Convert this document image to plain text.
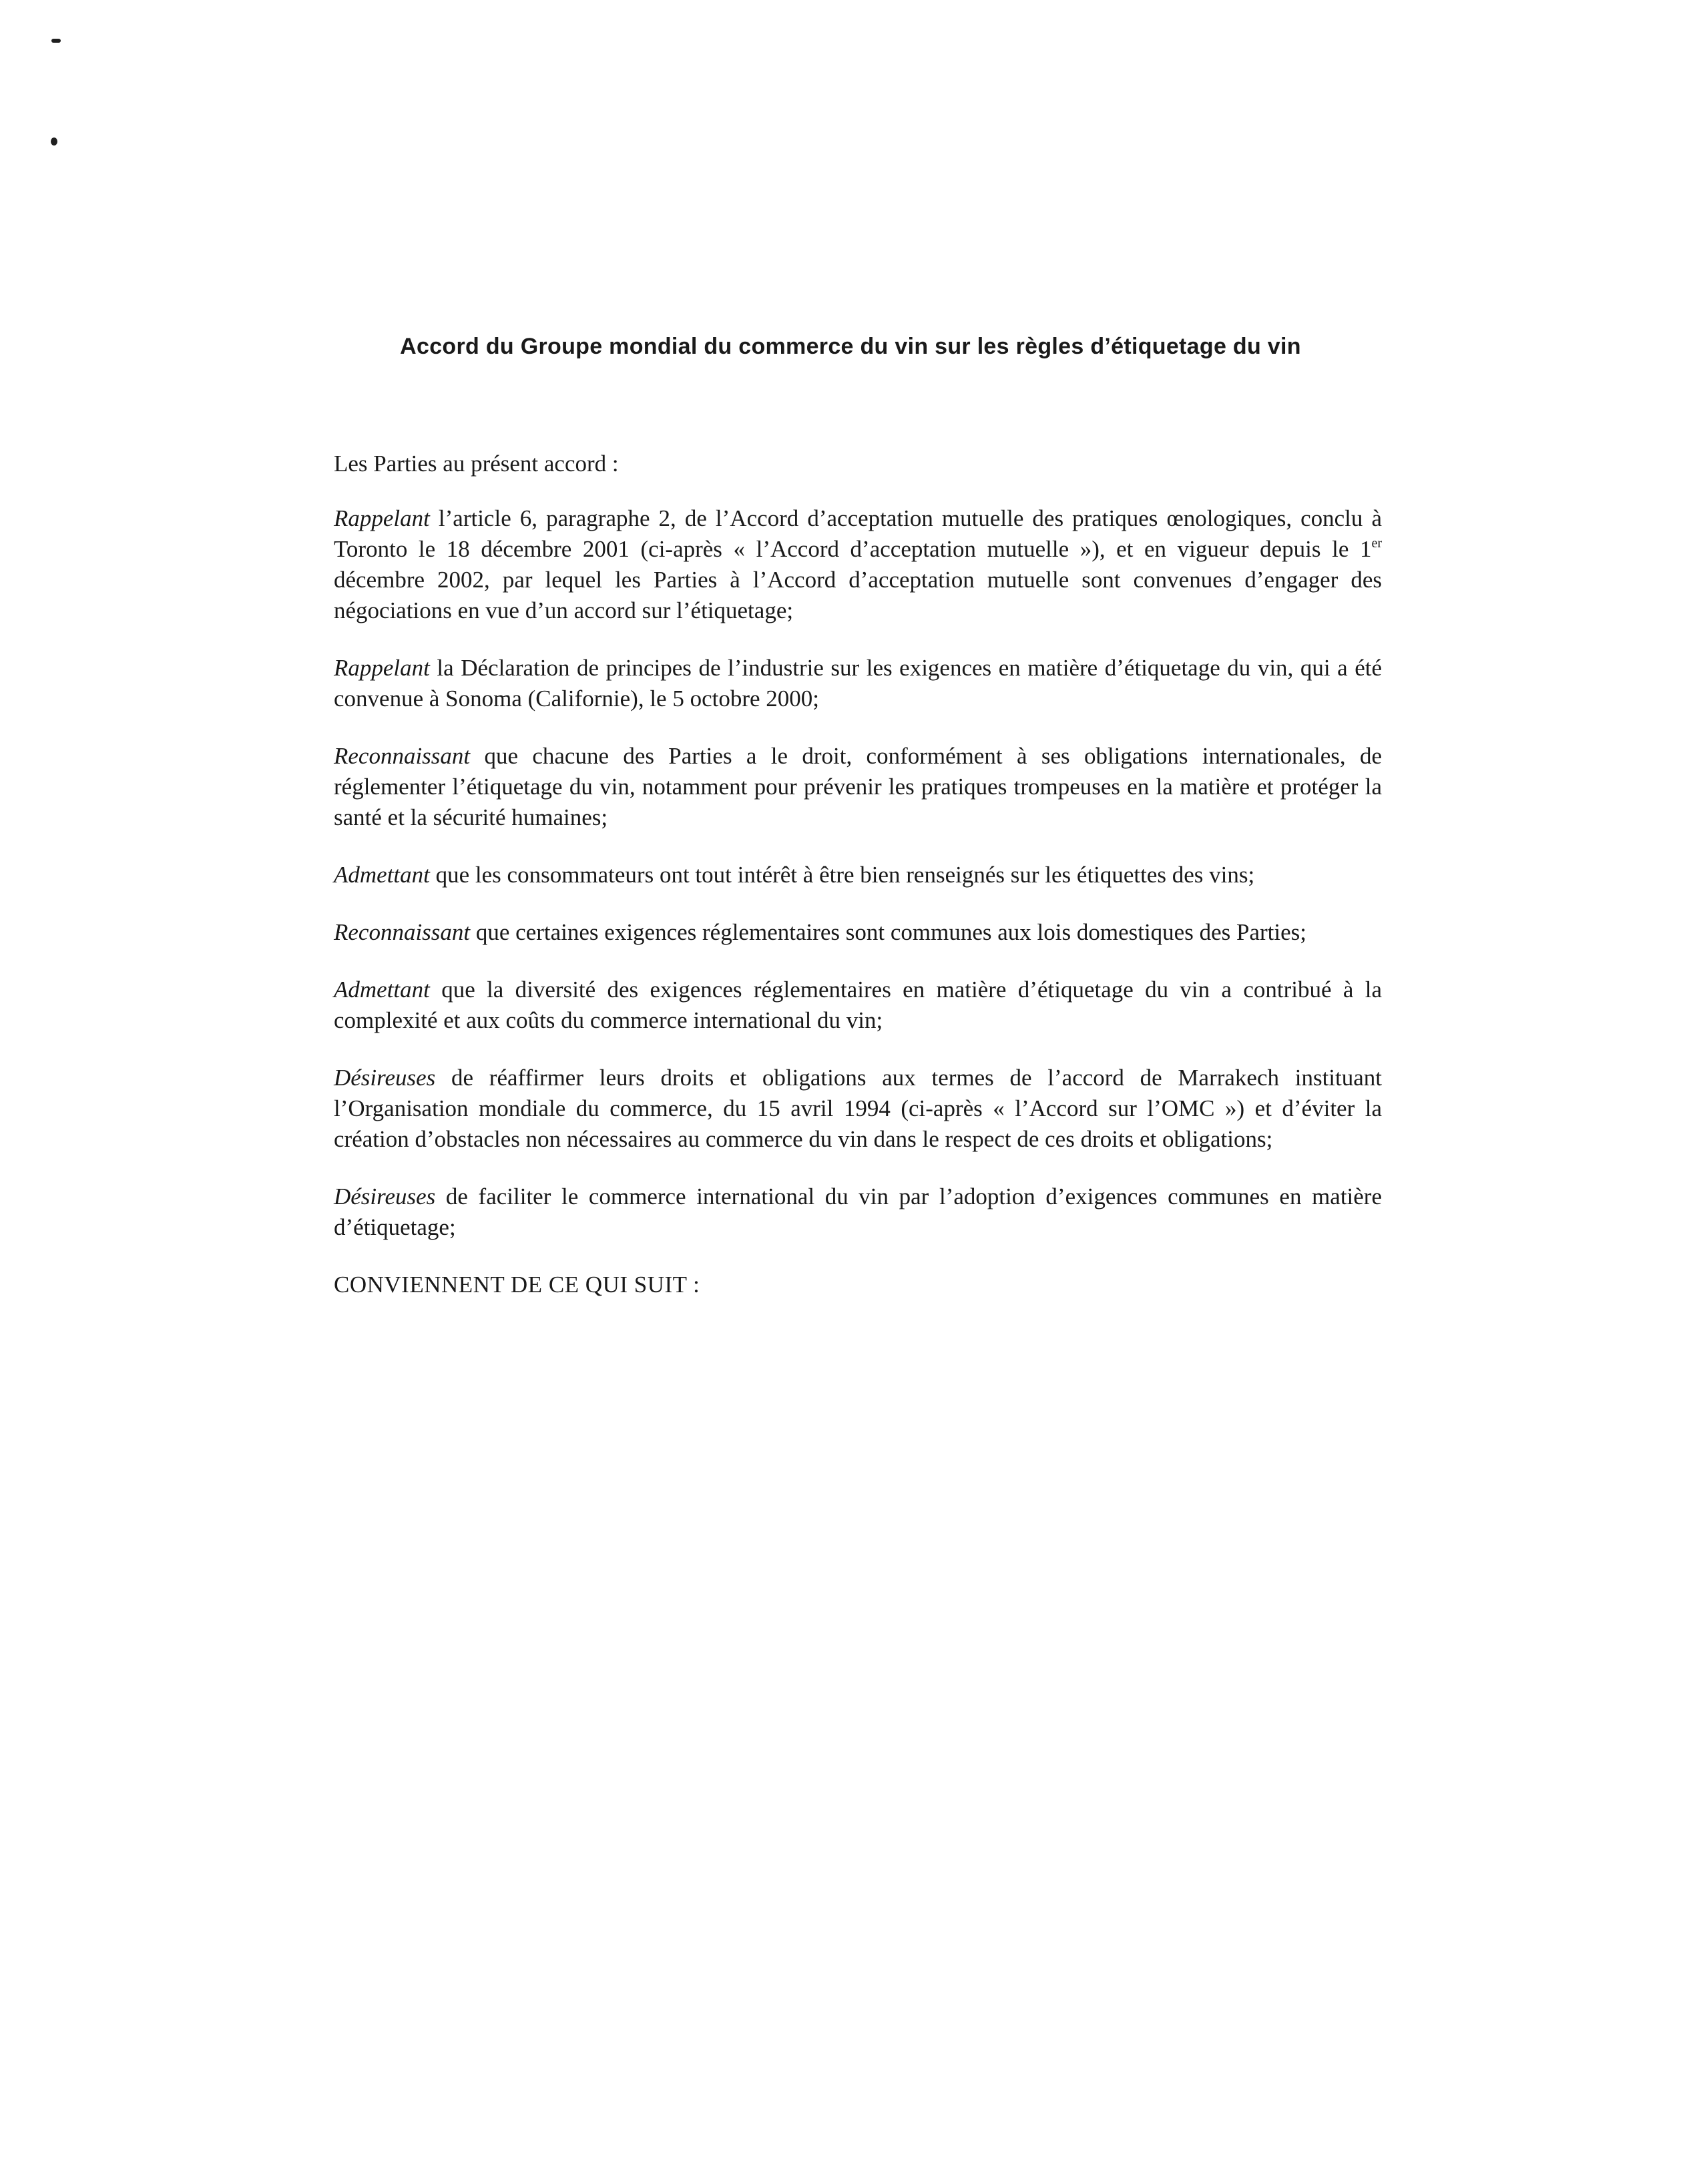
Accord du Groupe mondial du commerce du vin sur les règles d’étiquetage du vin

Les Parties au présent accord :

Rappelant l’article 6, paragraphe 2, de l’Accord d’acceptation mutuelle des pratiques œnologiques, conclu à Toronto le 18 décembre 2001 (ci-après « l’Accord d’acceptation mutuelle »), et en vigueur depuis le 1er décembre 2002, par lequel les Parties à l’Accord d’acceptation mutuelle sont convenues d’engager des négociations en vue d’un accord sur l’étiquetage;

Rappelant la Déclaration de principes de l’industrie sur les exigences en matière d’étiquetage du vin, qui a été convenue à Sonoma (Californie), le 5 octobre 2000;

Reconnaissant que chacune des Parties a le droit, conformément à ses obligations internationales, de réglementer l’étiquetage du vin, notamment pour prévenir les pratiques trompeuses en la matière et protéger la santé et la sécurité humaines;

Admettant que les consommateurs ont tout intérêt à être bien renseignés sur les étiquettes des vins;

Reconnaissant que certaines exigences réglementaires sont communes aux lois domestiques des Parties;

Admettant que la diversité des exigences réglementaires en matière d’étiquetage du vin a contribué à la complexité et aux coûts du commerce international du vin;

Désireuses de réaffirmer leurs droits et obligations aux termes de l’accord de Marrakech instituant l’Organisation mondiale du commerce, du 15 avril 1994 (ci-après « l’Accord sur l’OMC ») et d’éviter la création d’obstacles non nécessaires au commerce du vin dans le respect de ces droits et obligations;

Désireuses de faciliter le commerce international du vin par l’adoption d’exigences communes en matière d’étiquetage;

CONVIENNENT DE CE QUI SUIT :
